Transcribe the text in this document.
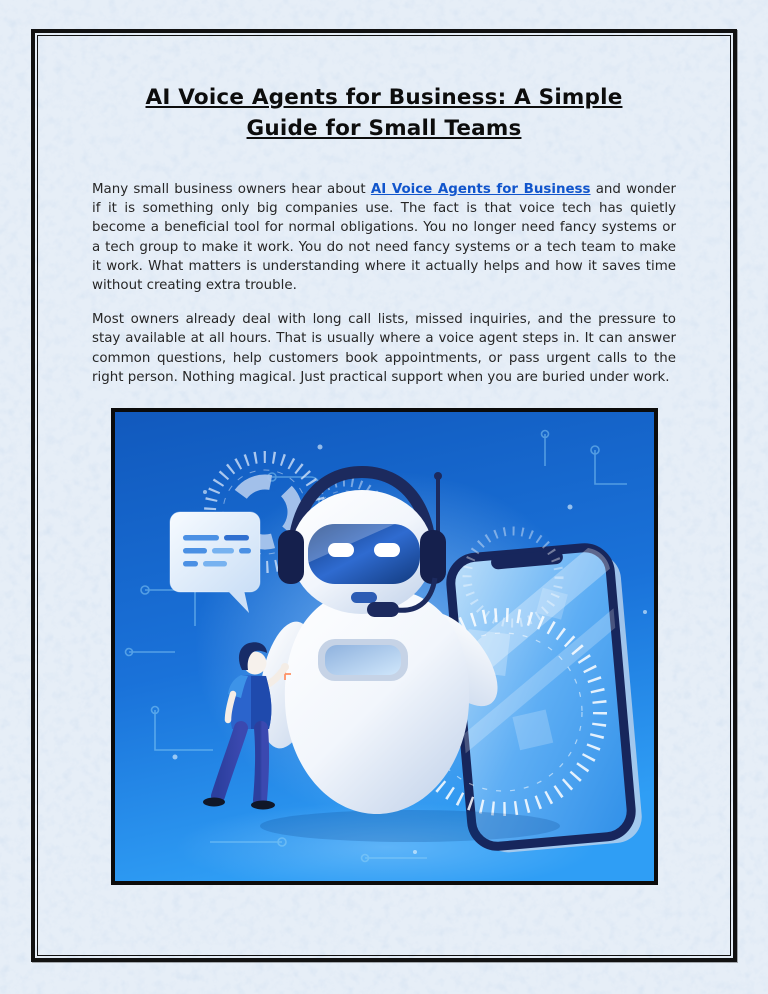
AI Voice Agents for Business: A Simple Guide for Small Teams

Many small business owners hear about AI Voice Agents for Business and wonder if it is something only big companies use. The fact is that voice tech has quietly become a beneficial tool for normal obligations. You no longer need fancy systems or a tech group to make it work. You do not need fancy systems or a tech team to make it work. What matters is understanding where it actually helps and how it saves time without creating extra trouble.

Most owners already deal with long call lists, missed inquiries, and the pressure to stay available at all hours. That is usually where a voice agent steps in. It can answer common questions, help customers book appointments, or pass urgent calls to the right person. Nothing magical. Just practical support when you are buried under work.
